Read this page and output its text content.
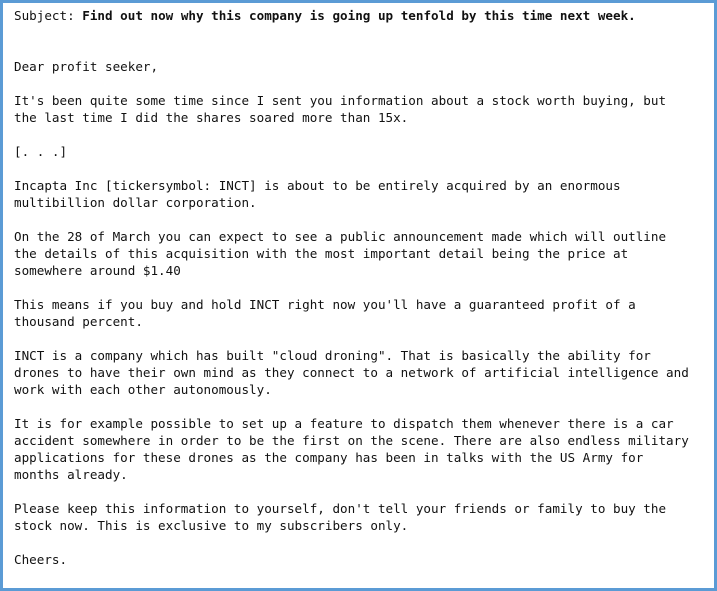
Subject: Find out now why this company is going up tenfold by this time next week.
Dear profit seeker,
It's been quite some time since I sent you information about a stock worth buying, but
the last time I did the shares soared more than 15x.
[. . .]
Incapta Inc [tickersymbol: INCT] is about to be entirely acquired by an enormous
multibillion dollar corporation.
On the 28 of March you can expect to see a public announcement made which will outline
the details of this acquisition with the most important detail being the price at
somewhere around $1.40
This means if you buy and hold INCT right now you'll have a guaranteed profit of a
thousand percent.
INCT is a company which has built "cloud droning". That is basically the ability for
drones to have their own mind as they connect to a network of artificial intelligence and
work with each other autonomously.
It is for example possible to set up a feature to dispatch them whenever there is a car
accident somewhere in order to be the first on the scene. There are also endless military
applications for these drones as the company has been in talks with the US Army for
months already.
Please keep this information to yourself, don't tell your friends or family to buy the
stock now. This is exclusive to my subscribers only.
Cheers.
